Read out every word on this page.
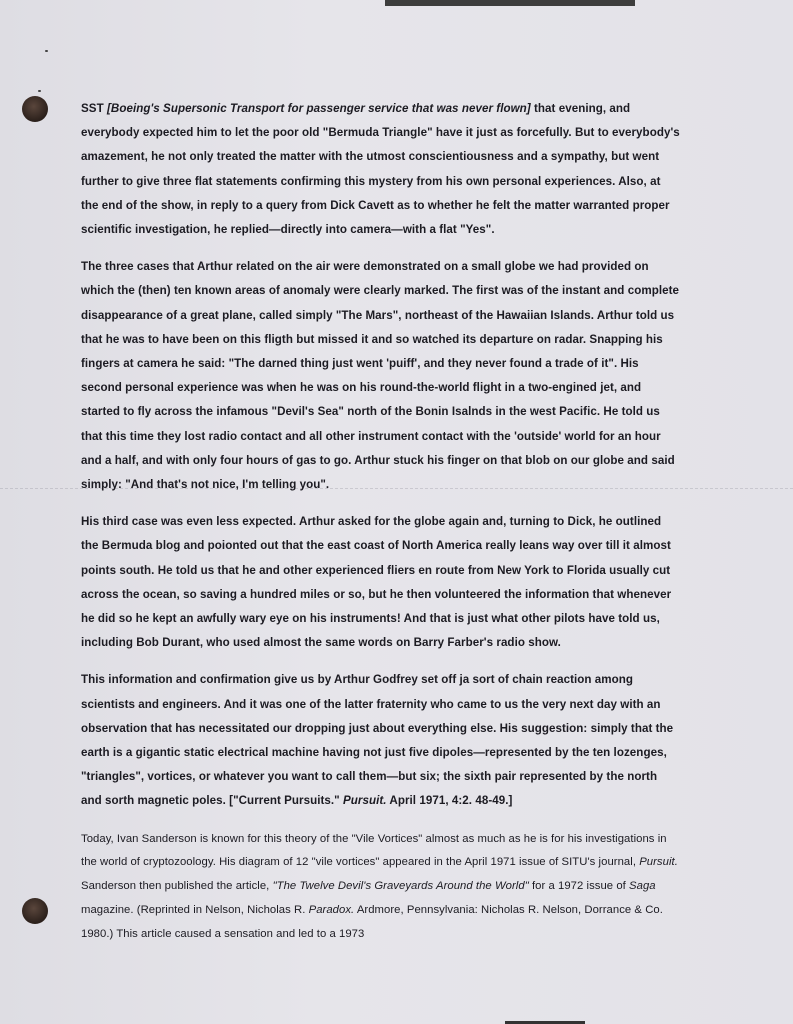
SST [Boeing's Supersonic Transport for passenger service that was never flown] that evening, and everybody expected him to let the poor old "Bermuda Triangle" have it just as forcefully. But to everybody's amazement, he not only treated the matter with the utmost conscientiousness and a sympathy, but went further to give three flat statements confirming this mystery from his own personal experiences. Also, at the end of the show, in reply to a query from Dick Cavett as to whether he felt the matter warranted proper scientific investigation, he replied—directly into camera—with a flat "Yes".

The three cases that Arthur related on the air were demonstrated on a small globe we had provided on which the (then) ten known areas of anomaly were clearly marked. The first was of the instant and complete disappearance of a great plane, called simply "The Mars", northeast of the Hawaiian Islands. Arthur told us that he was to have been on this fligth but missed it and so watched its departure on radar. Snapping his fingers at camera he said: "The darned thing just went 'puiff', and they never found a trade of it". His second personal experience was when he was on his round-the-world flight in a two-engined jet, and started to fly across the infamous "Devil's Sea" north of the Bonin Isalnds in the west Pacific. He told us that this time they lost radio contact and all other instrument contact with the 'outside' world for an hour and a half, and with only four hours of gas to go. Arthur stuck his finger on that blob on our globe and said simply: "And that's not nice, I'm telling you".

His third case was even less expected. Arthur asked for the globe again and, turning to Dick, he outlined the Bermuda blog and poionted out that the east coast of North America really leans way over till it almost points south. He told us that he and other experienced fliers en route from New York to Florida usually cut across the ocean, so saving a hundred miles or so, but he then volunteered the information that whenever he did so he kept an awfully wary eye on his instruments! And that is just what other pilots have told us, including Bob Durant, who used almost the same words on Barry Farber's radio show.

This information and confirmation give us by Arthur Godfrey set off ja sort of chain reaction among scientists and engineers. And it was one of the latter fraternity who came to us the very next day with an observation that has necessitated our dropping just about everything else. His suggestion: simply that the earth is a gigantic static electrical machine having not just five dipoles—represented by the ten lozenges, "triangles", vortices, or whatever you want to call them—but six; the sixth pair represented by the north and sorth magnetic poles. ["Current Pursuits." Pursuit. April 1971, 4:2. 48-49.]

Today, Ivan Sanderson is known for this theory of the "Vile Vortices" almost as much as he is for his investigations in the world of cryptozoology. His diagram of 12 "vile vortices" appeared in the April 1971 issue of SITU's journal, Pursuit. Sanderson then published the article, "The Twelve Devil's Graveyards Around the World" for a 1972 issue of Saga magazine. (Reprinted in Nelson, Nicholas R. Paradox. Ardmore, Pennsylvania: Nicholas R. Nelson, Dorrance & Co. 1980.) This article caused a sensation and led to a 1973
